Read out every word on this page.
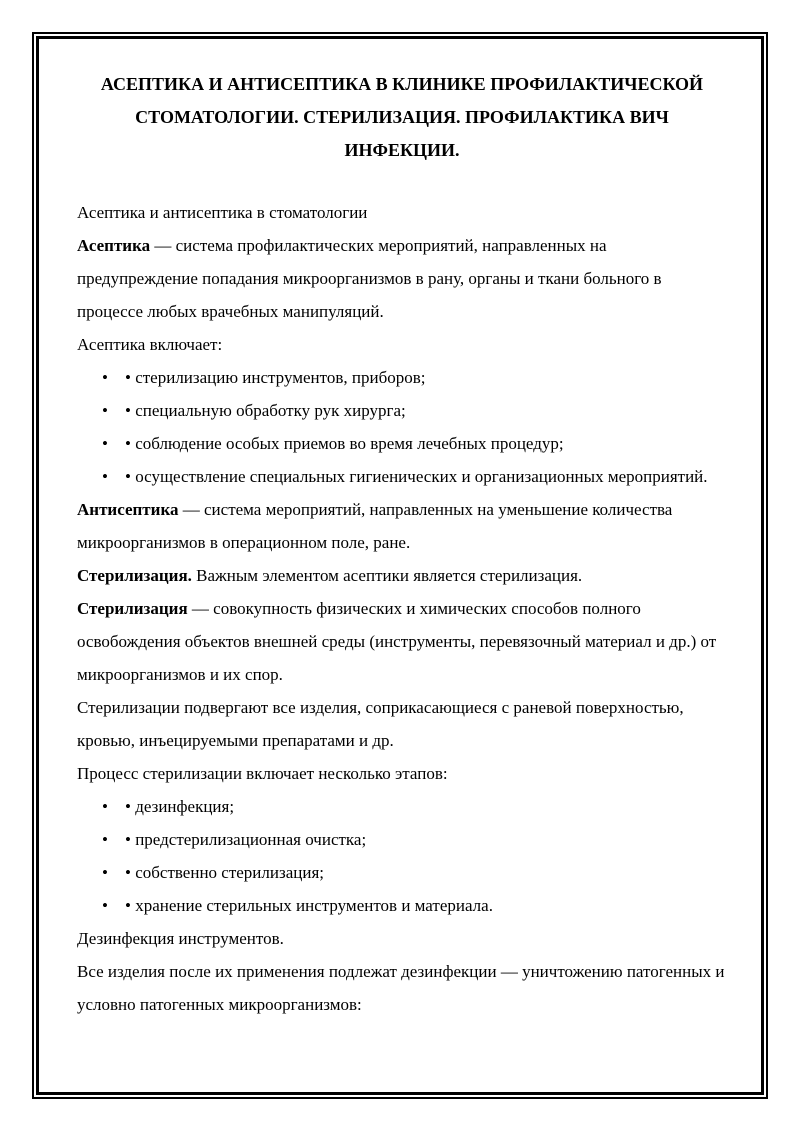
АСЕПТИКА И АНТИСЕПТИКА В КЛИНИКЕ ПРОФИЛАКТИЧЕСКОЙ СТОМАТОЛОГИИ. СТЕРИЛИЗАЦИЯ. ПРОФИЛАКТИКА ВИЧ ИНФЕКЦИИ.

Асептика и антисептика в стоматологии

Асептика — система профилактических мероприятий, направленных на предупреждение попадания микроорганизмов в рану, органы и ткани больного в процессе любых врачебных манипуляций.

Асептика включает:

• • стерилизацию инструментов, приборов;
• • специальную обработку рук хирурга;
• • соблюдение особых приемов во время лечебных процедур;
• • осуществление специальных гигиенических и организационных мероприятий.

Антисептика — система мероприятий, направленных на уменьшение количества микроорганизмов в операционном поле, ране.

Стерилизация. Важным элементом асептики является стерилизация.

Стерилизация — совокупность физических и химических способов полного освобождения объектов внешней среды (инструменты, перевязочный материал и др.) от микроорганизмов и их спор.

Стерилизации подвергают все изделия, соприкасающиеся с раневой поверхностью, кровью, инъецируемыми препаратами и др.

Процесс стерилизации включает несколько этапов:

• • дезинфекция;
• • предстерилизационная очистка;
• • собственно стерилизация;
• • хранение стерильных инструментов и материала.

Дезинфекция инструментов.

Все изделия после их применения подлежат дезинфекции — уничтожению патогенных и условно патогенных микроорганизмов:
